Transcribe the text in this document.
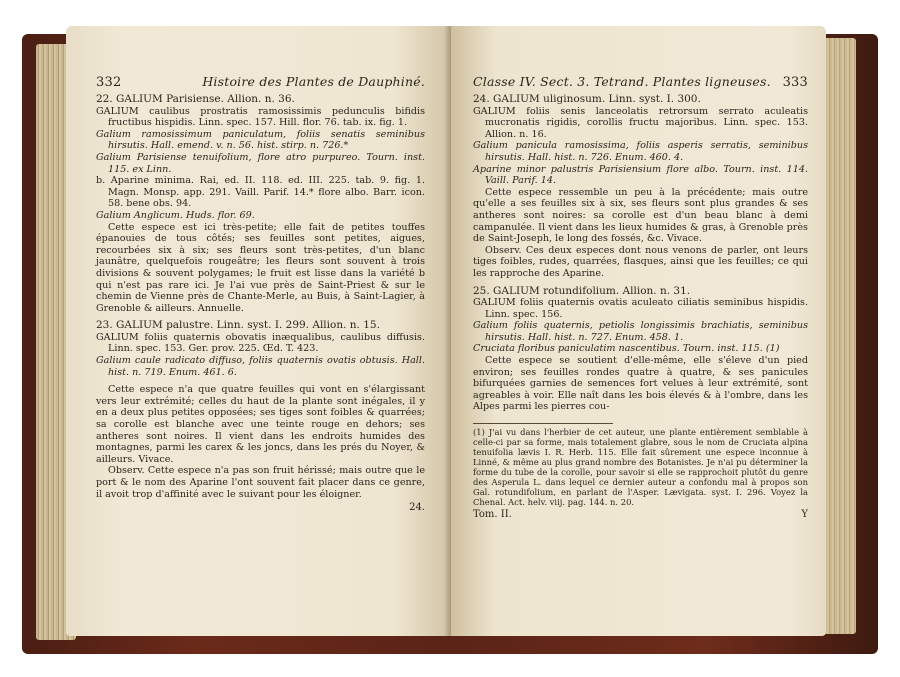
332	Histoire des Plantes de Dauphiné.

22. GALIUM Parisiense. Allion. n. 36.

GALIUM caulibus prostratis ramosissimis pedunculis bifidis fructibus hispidis. Linn. spec. 157. Hill. flor. 76. tab. ix. fig. 1.

Galium ramosissimum paniculatum, foliis senatis seminibus hirsutis. Hall. emend. v. n. 56. hist. stirp. n. 726.*

Galium Parisiense tenuifolium, flore atro purpureo. Tourn. inst. 115. ex Linn.

b. Aparine minima. Rai, ed. II. 118. ed. III. 225. tab. 9. fig. 1. Magn. Monsp. app. 291. Vaill. Parif. 14.* flore albo. Barr. icon. 58. bene obs. 94.

Galium Anglicum. Huds. flor. 69.

Cette espece est ici très-petite; elle fait de petites touffes épanouies de tous côtés; ses feuilles sont petites, aigues, recourbées six à six; ses fleurs sont très-petites, d'un blanc jaunâtre, quelquefois rougeâtre; les fleurs sont souvent à trois divisions & souvent polygames; le fruit est lisse dans la variété b qui n'est pas rare ici. Je l'ai vue près de Saint-Priest & sur le chemin de Vienne près de Chante-Merle, au Buis, à Saint-Lagier, à Grenoble & ailleurs. Annuelle.

23. GALIUM palustre. Linn. syst. I. 299. Allion. n. 15.

GALIUM foliis quaternis obovatis inæqualibus, caulibus diffusis. Linn. spec. 153. Ger. prov. 225. Œd. T. 423.

Galium caule radicato diffuso, foliis quaternis ovatis obtusis. Hall. hist. n. 719. Enum. 461. 6.

Cette espece n'a que quatre feuilles qui vont en s'élargissant vers leur extrémité; celles du haut de la plante sont inégales, il y en a deux plus petites opposées; ses tiges sont foibles & quarrées; sa corolle est blanche avec une teinte rouge en dehors; ses antheres sont noires. Il vient dans les endroits humides des montagnes, parmi les carex & les joncs, dans les prés du Noyer, & ailleurs. Vivace.

Observ. Cette espece n'a pas son fruit hérissé; mais outre que le port & le nom des Aparine l'ont souvent fait placer dans ce genre, il avoit trop d'affinité avec le suivant pour les éloigner.

24.
Classe IV. Sect. 3. Tetrand. Plantes ligneuses. 333

24. GALIUM uliginosum. Linn. syst. I. 300.

GALIUM foliis senis lanceolatis retrorsum serrato aculeatis mucronatis rigidis, corollis fructu majoribus. Linn. spec. 153. Allion. n. 16.

Galium panicula ramosissima, foliis asperis serratis, seminibus hirsutis. Hall. hist. n. 726. Enum. 460. 4.

Aparine minor palustris Parisiensium flore albo. Tourn. inst. 114. Vaill. Parif. 14.

Cette espece ressemble un peu à la précédente; mais outre qu'elle a ses feuilles six à six, ses fleurs sont plus grandes & ses antheres sont noires: sa corolle est d'un beau blanc à demi campanulée. Il vient dans les lieux humides & gras, à Grenoble près de Saint-Joseph, le long des fossés, &c. Vivace.

Observ. Ces deux especes dont nous venons de parler, ont leurs tiges foibles, rudes, quarrées, flasques, ainsi que les feuilles; ce qui les rapproche des Aparine.

25. GALIUM rotundifolium. Allion. n. 31.

GALIUM foliis quaternis ovatis aculeato ciliatis seminibus hispidis. Linn. spec. 156.

Galium foliis quaternis, petiolis longissimis brachiatis, seminibus hirsutis. Hall. hist. n. 727. Enum. 458. 1.

Cruciata floribus paniculatim nascentibus. Tourn. inst. 115. (1)

Cette espece se soutient d'elle-même, elle s'éleve d'un pied environ; ses feuilles rondes quatre à quatre, & ses panicules bifurquées garnies de semences fort velues à leur extrémité, sont agreables à voir. Elle naît dans les bois élevés & à l'ombre, dans les Alpes parmi les pierres cou-

(1) J'ai vu dans l'herbier de cet auteur, une plante entièrement semblable à celle-ci par sa forme, mais totalement glabre, sous le nom de Cruciata alpina tenuifolia lævis I. R. Herb. 115. Elle fait sûrement une espece inconnue à Linné, & même au plus grand nombre des Botanistes. Je n'ai pu déterminer la forme du tube de la corolle, pour savoir si elle se rapprochoit plutôt du genre des Asperula L. dans lequel ce dernier auteur a confondu mal à propos son Gal. rotundifolium, en parlant de l'Asper. Lævigata. syst. I. 296. Voyez la Chenal. Act. helv. viij. pag. 144. n. 20.

Tom. II.	Y
